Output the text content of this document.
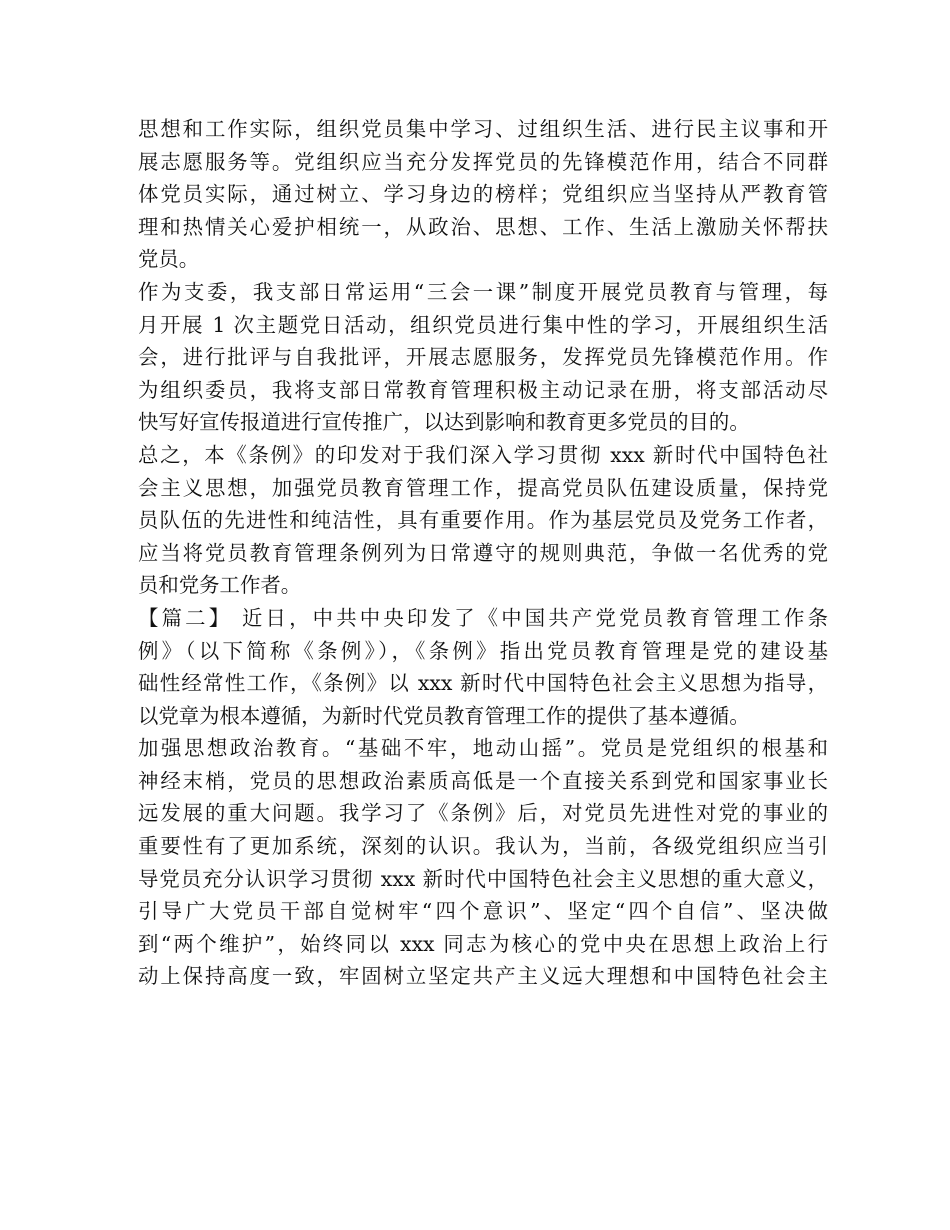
思想和工作实际，组织党员集中学习、过组织生活、进行民主议事和开
展志愿服务等。党组织应当充分发挥党员的先锋模范作用，结合不同群
体党员实际，通过树立、学习身边的榜样；党组织应当坚持从严教育管
理和热情关心爱护相统一，从政治、思想、工作、生活上激励关怀帮扶
党员。
作为支委，我支部日常运用“三会一课”制度开展党员教育与管理，每
月开展 1 次主题党日活动，组织党员进行集中性的学习，开展组织生活
会，进行批评与自我批评，开展志愿服务，发挥党员先锋模范作用。作
为组织委员，我将支部日常教育管理积极主动记录在册，将支部活动尽
快写好宣传报道进行宣传推广，以达到影响和教育更多党员的目的。
总之，本《条例》的印发对于我们深入学习贯彻 xxx 新时代中国特色社
会主义思想，加强党员教育管理工作，提高党员队伍建设质量，保持党
员队伍的先进性和纯洁性，具有重要作用。作为基层党员及党务工作者，
应当将党员教育管理条例列为日常遵守的规则典范，争做一名优秀的党
员和党务工作者。
【篇二】 近日，中共中央印发了《中国共产党党员教育管理工作条
例》（以下简称《条例》），《条例》指出党员教育管理是党的建设基
础性经常性工作，《条例》以 xxx 新时代中国特色社会主义思想为指导，
以党章为根本遵循，为新时代党员教育管理工作的提供了基本遵循。
加强思想政治教育。“基础不牢，地动山摇”。党员是党组织的根基和
神经末梢，党员的思想政治素质高低是一个直接关系到党和国家事业长
远发展的重大问题。我学习了《条例》后，对党员先进性对党的事业的
重要性有了更加系统，深刻的认识。我认为，当前，各级党组织应当引
导党员充分认识学习贯彻 xxx 新时代中国特色社会主义思想的重大意义，
引导广大党员干部自觉树牢“四个意识”、坚定“四个自信”、坚决做
到“两个维护”，始终同以 xxx 同志为核心的党中央在思想上政治上行
动上保持高度一致，牢固树立坚定共产主义远大理想和中国特色社会主
